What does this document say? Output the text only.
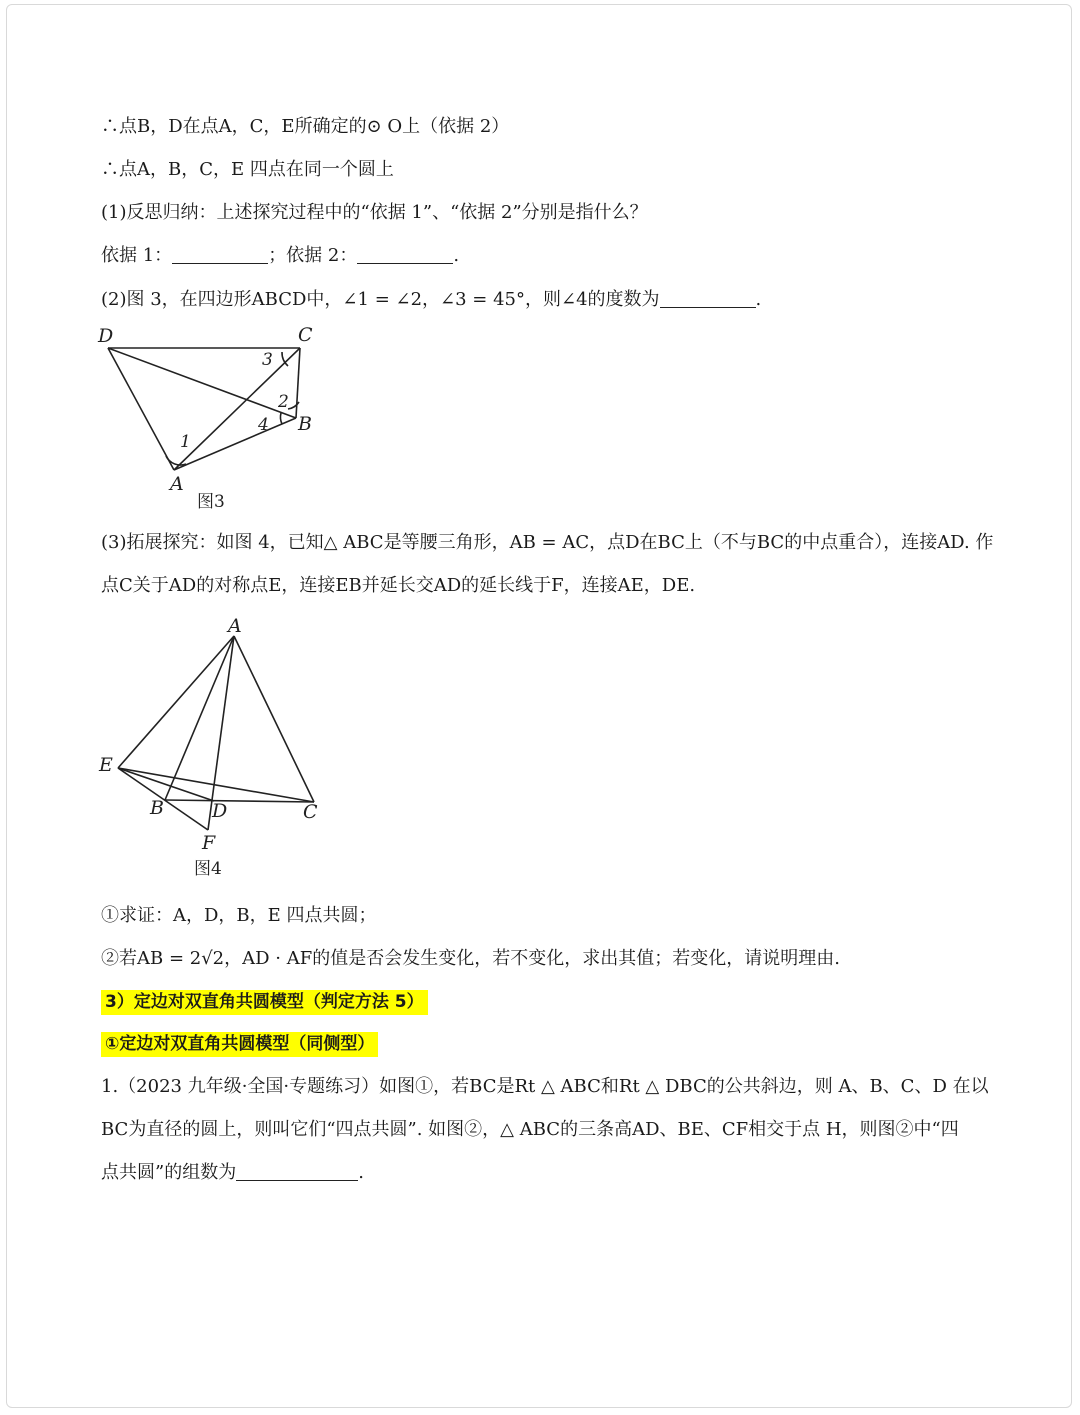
∴点B，D在点A，C，E所确定的⊙ O上（依据 2）
∴点A，B，C，E 四点在同一个圆上
(1)反思归纳：上述探究过程中的“依据 1”、“依据 2”分别是指什么？
依据 1：	；依据 2：	.
(2)图 3，在四边形ABCD中，∠1 = ∠2，∠3 = 45°，则∠4的度数为	.
D	C
B
A
1
2
3
4
图3
(3)拓展探究：如图 4，已知△ ABC是等腰三角形，AB = AC，点D在BC上（不与BC的中点重合），连接AD. 作
点C关于AD的对称点E，连接EB并延长交AD的延长线于F，连接AE，DE.
A
E
B	D	C
F
图4
①求证：A，D，B，E 四点共圆；
②若AB = 2√2，AD · AF的值是否会发生变化，若不变化，求出其值；若变化，请说明理由.
3）定边对双直角共圆模型（判定方法 5）
①定边对双直角共圆模型（同侧型）
1.（2023 九年级·全国·专题练习）如图①，若BC是Rt △ ABC和Rt △ DBC的公共斜边，则 A、B、C、D 在以
BC为直径的圆上，则叫它们“四点共圆”. 如图②，△ ABC的三条高AD、BE、CF相交于点 H，则图②中“四
点共圆”的组数为	.
